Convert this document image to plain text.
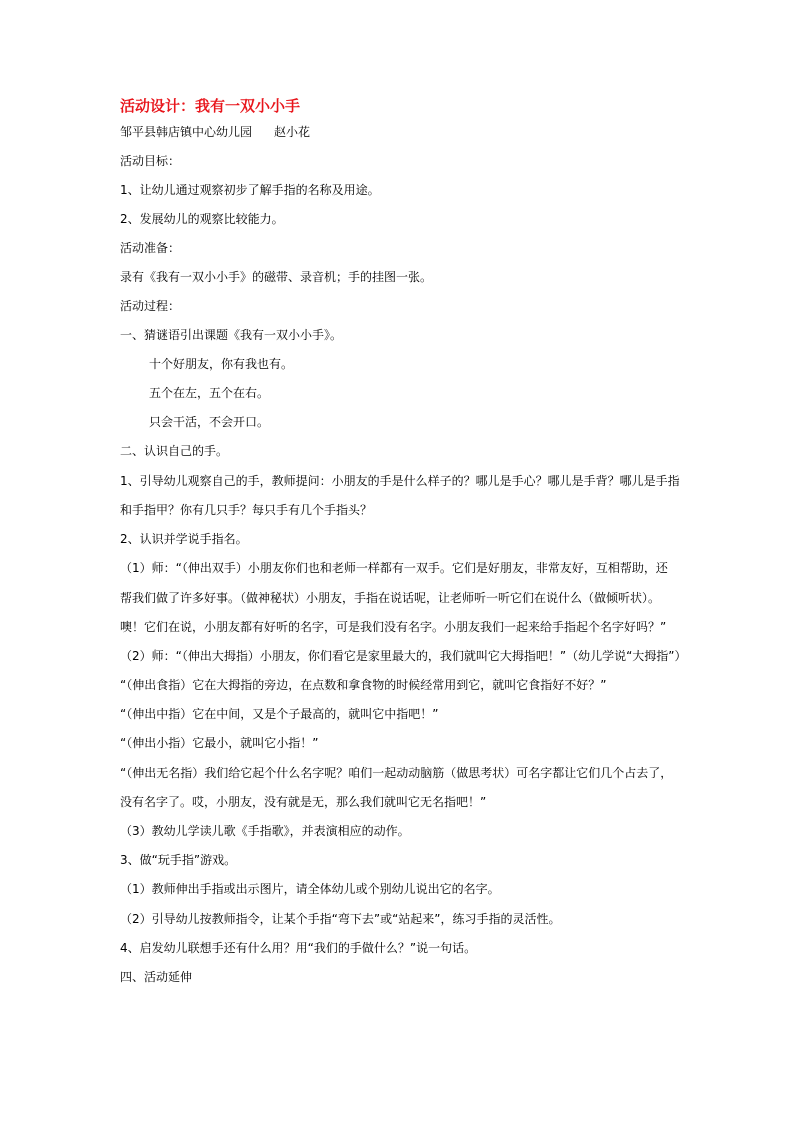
活动设计：我有一双小小手
邹平县韩店镇中心幼儿园 赵小花
活动目标：
1、让幼儿通过观察初步了解手指的名称及用途。
2、发展幼儿的观察比较能力。
活动准备：
录有《我有一双小小手》的磁带、录音机；手的挂图一张。
活动过程：
一、猜谜语引出课题《我有一双小小手》。
十个好朋友，你有我也有。
五个在左，五个在右。
只会干活，不会开口。
二、认识自己的手。
1、引导幼儿观察自己的手，教师提问：小朋友的手是什么样子的？哪儿是手心？哪儿是手背？哪儿是手指
和手指甲？你有几只手？每只手有几个手指头？
2、认识并学说手指名。
（1）师：“（伸出双手）小朋友你们也和老师一样都有一双手。它们是好朋友，非常友好，互相帮助，还
帮我们做了许多好事。（做神秘状）小朋友，手指在说话呢，让老师听一听它们在说什么（做倾听状）。
噢！它们在说，小朋友都有好听的名字，可是我们没有名字。小朋友我们一起来给手指起个名字好吗？”
（2）师：“（伸出大拇指）小朋友，你们看它是家里最大的，我们就叫它大拇指吧！”（幼儿学说“大拇指”）
“（伸出食指）它在大拇指的旁边，在点数和拿食物的时候经常用到它，就叫它食指好不好？”
“（伸出中指）它在中间，又是个子最高的，就叫它中指吧！”
“（伸出小指）它最小，就叫它小指！”
“（伸出无名指）我们给它起个什么名字呢？咱们一起动动脑筋（做思考状）可名字都让它们几个占去了，
没有名字了。哎，小朋友，没有就是无，那么我们就叫它无名指吧！”
（3）教幼儿学读儿歌《手指歌》，并表演相应的动作。
3、做“玩手指”游戏。
（1）教师伸出手指或出示图片，请全体幼儿或个别幼儿说出它的名字。
（2）引导幼儿按教师指令，让某个手指“弯下去”或“站起来”，练习手指的灵活性。
4、启发幼儿联想手还有什么用？用“我们的手做什么？”说一句话。
四、活动延伸
